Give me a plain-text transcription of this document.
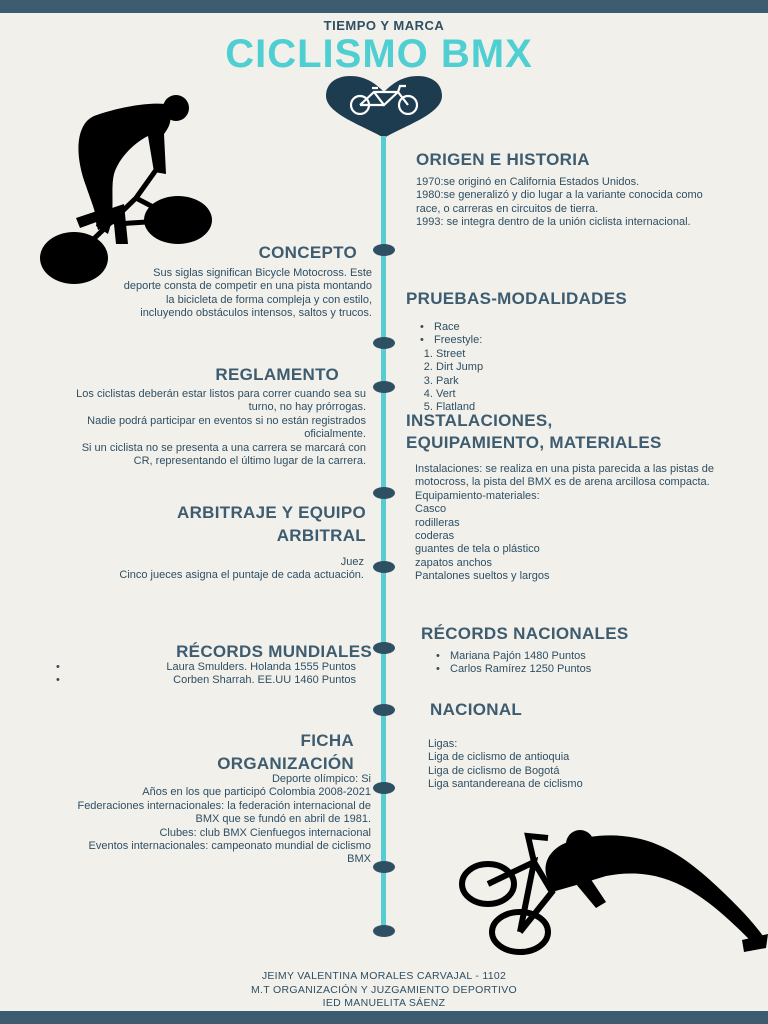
TIEMPO Y MARCA
CICLISMO BMX
ORIGEN E HISTORIA
1970:se originó en California Estados Unidos.
1980:se generalizó y dio lugar a la variante conocida como race, o carreras en circuitos de tierra.
1993: se integra dentro de la unión ciclista internacional.
CONCEPTO
Sus siglas significan Bicycle Motocross. Este deporte consta de competir en una pista montando la bicicleta de forma compleja y con estilo, incluyendo obstáculos intensos, saltos y trucos.
PRUEBAS-MODALIDADES
• Race
• Freestyle:
1. Street
2. Dirt Jump
3. Park
4. Vert
5. Flatland
REGLAMENTO
Los ciclistas deberán estar listos para correr cuando sea su turno, no hay prórrogas.
Nadie podrá participar en eventos si no están registrados oficialmente.
Si un ciclista no se presenta a una carrera se marcará con CR, representando el último lugar de la carrera.
INSTALACIONES,
EQUIPAMIENTO, MATERIALES
Instalaciones: se realiza en una pista parecida a las pistas de motocross, la pista del BMX es de arena arcillosa compacta.
Equipamiento-materiales:
Casco
rodilleras
coderas
guantes de tela o plástico
zapatos anchos
Pantalones sueltos y largos
ARBITRAJE Y EQUIPO
ARBITRAL
Juez
Cinco jueces asigna el puntaje de cada actuación.
RÉCORDS NACIONALES
• Mariana Pajón 1480 Puntos
• Carlos Ramírez 1250 Puntos
RÉCORDS MUNDIALES
•	Laura Smulders. Holanda 1555 Puntos
•	Corben Sharrah. EE.UU 1460 Puntos
NACIONAL
Ligas:
Liga de ciclismo de antioquia
Liga de ciclismo de Bogotá
Liga santandereana de ciclismo
FICHA
ORGANIZACIÓN
Deporte olímpico: Si
Años en los que participó Colombia 2008-2021
Federaciones internacionales: la federación internacional de BMX que se fundó en abril de 1981.
Clubes: club BMX Cienfuegos internacional
Eventos internacionales: campeonato mundial de ciclismo BMX
JEIMY VALENTINA MORALES CARVAJAL - 1102
M.T ORGANIZACIÓN Y JUZGAMIENTO DEPORTIVO
IED MANUELITA SÁENZ
